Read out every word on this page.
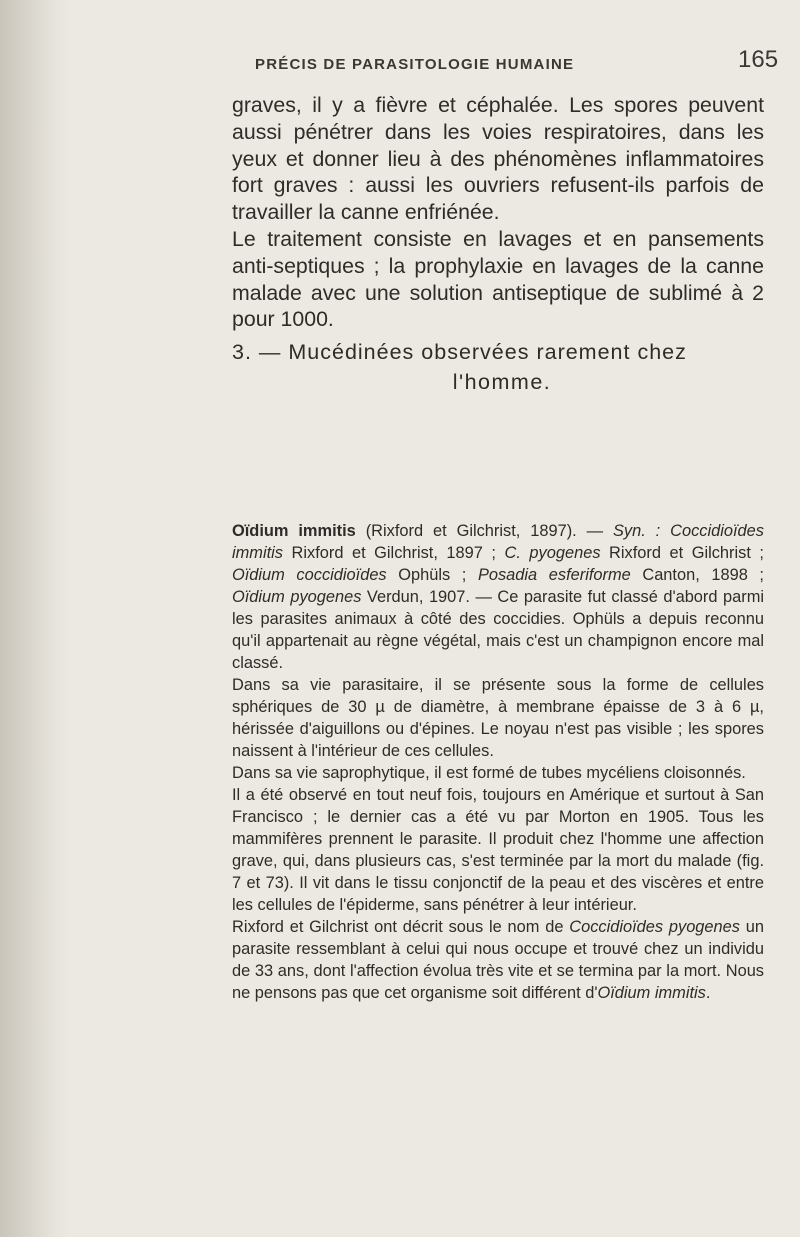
PRÉCIS DE PARASITOLOGIE HUMAINE	165

graves, il y a fièvre et céphalée. Les spores peuvent aussi pénétrer dans les voies respiratoires, dans les yeux et donner lieu à des phénomènes inflammatoires fort graves : aussi les ouvriers refusent-ils parfois de travailler la canne enfriénée.

Le traitement consiste en lavages et en pansements anti-septiques ; la prophylaxie en lavages de la canne malade avec une solution antiseptique de sublimé à 2 pour 1000.

3. — Mucédinées observées rarement chez
l'homme.

Oïdium immitis (Rixford et Gilchrist, 1897). — Syn. : Coccidioïdes immitis Rixford et Gilchrist, 1897 ; C. pyogenes Rixford et Gilchrist ; Oïdium coccidioïdes Ophüls ; Posadia esferiforme Canton, 1898 ; Oïdium pyogenes Verdun, 1907. — Ce parasite fut classé d'abord parmi les parasites animaux à côté des coccidies. Ophüls a depuis reconnu qu'il appartenait au règne végétal, mais c'est un champignon encore mal classé.

Dans sa vie parasitaire, il se présente sous la forme de cellules sphériques de 30 µ de diamètre, à membrane épaisse de 3 à 6 µ, hérissée d'aiguillons ou d'épines. Le noyau n'est pas visible ; les spores naissent à l'intérieur de ces cellules.

Dans sa vie saprophytique, il est formé de tubes mycéliens cloisonnés.

Il a été observé en tout neuf fois, toujours en Amérique et surtout à San Francisco ; le dernier cas a été vu par Morton en 1905. Tous les mammifères prennent le parasite. Il produit chez l'homme une affection grave, qui, dans plusieurs cas, s'est terminée par la mort du malade (fig. 7 et 73). Il vit dans le tissu conjonctif de la peau et des viscères et entre les cellules de l'épiderme, sans pénétrer à leur intérieur.

Rixford et Gilchrist ont décrit sous le nom de Coccidioïdes pyogenes un parasite ressemblant à celui qui nous occupe et trouvé chez un individu de 33 ans, dont l'affection évolua très vite et se termina par la mort. Nous ne pensons pas que cet organisme soit différent d'Oïdium immitis.
